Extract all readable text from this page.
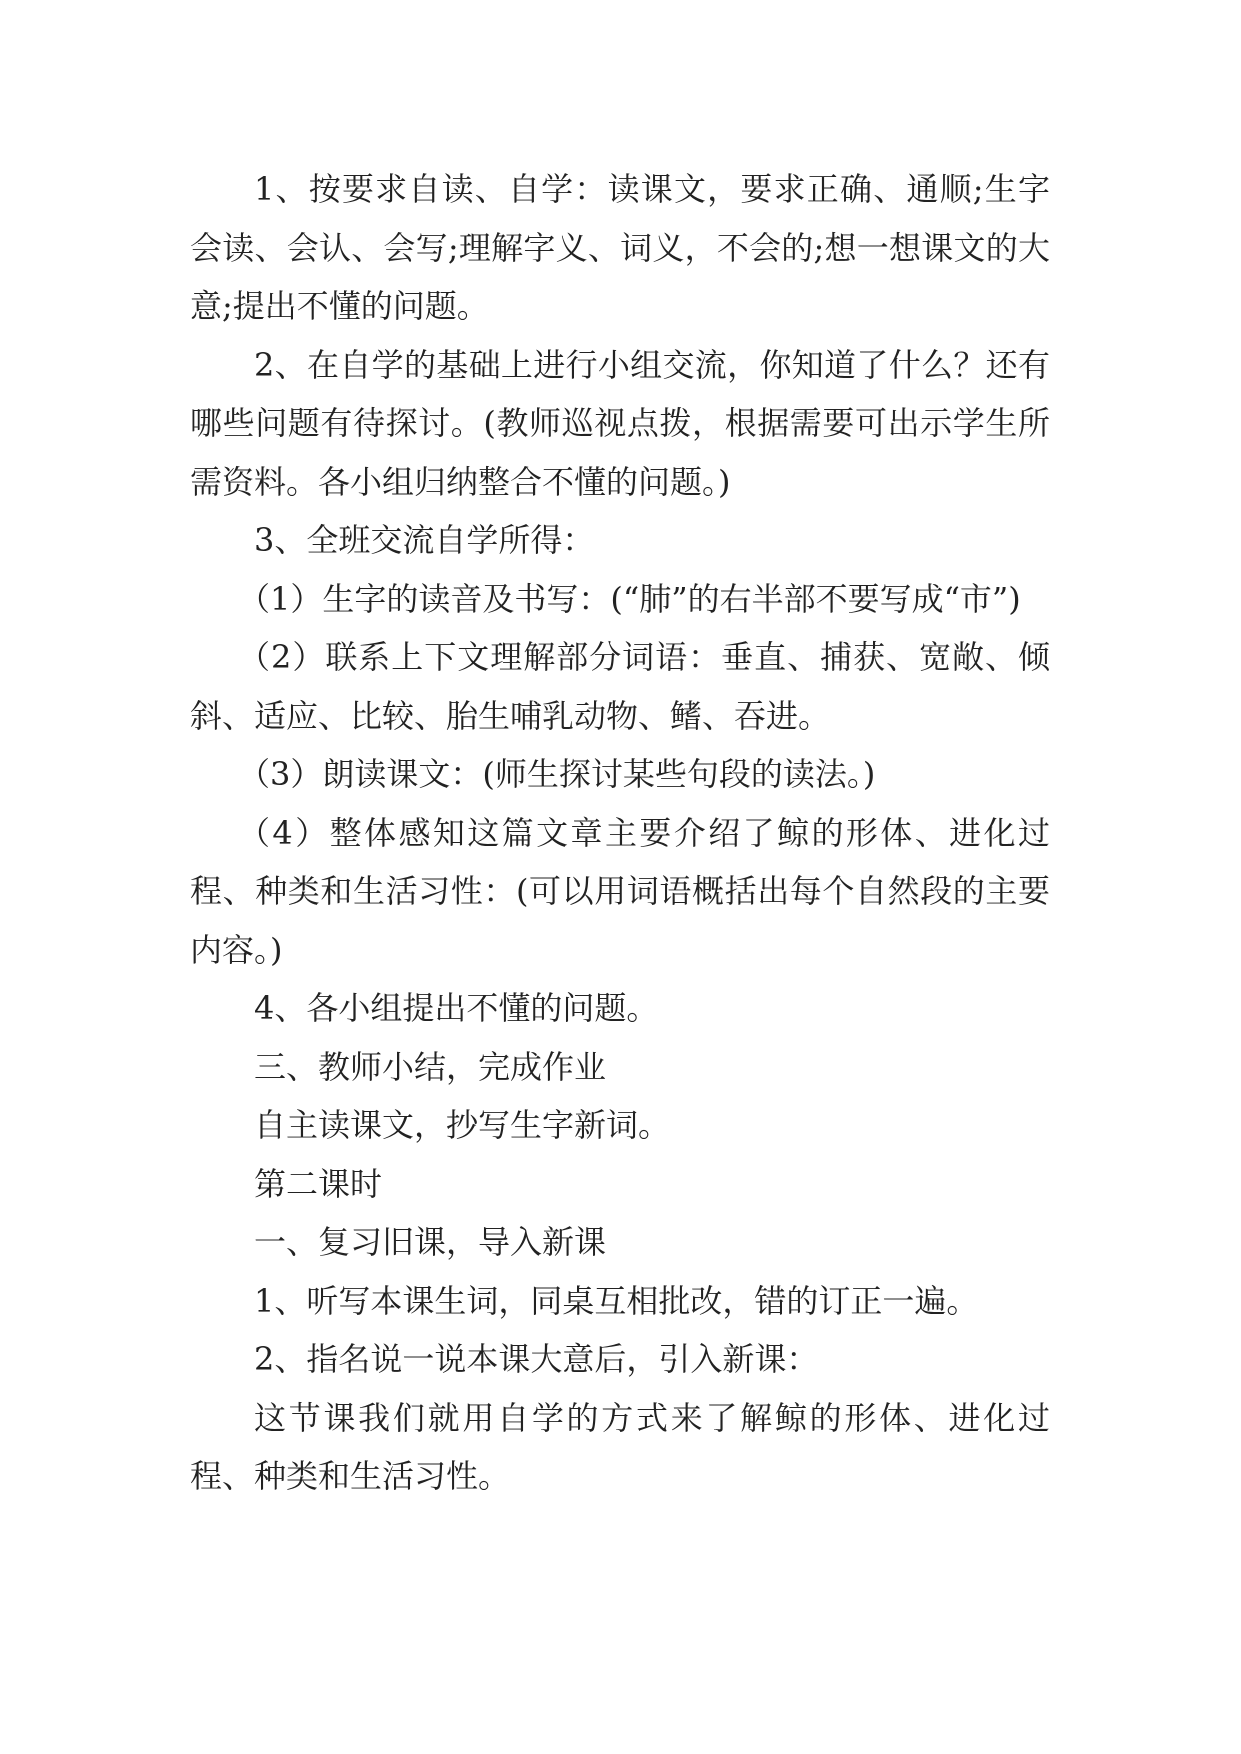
1、按要求自读、自学：读课文，要求正确、通顺;生字会读、会认、会写;理解字义、词义，不会的;想一想课文的大意;提出不懂的问题。

2、在自学的基础上进行小组交流，你知道了什么？还有哪些问题有待探讨。(教师巡视点拨，根据需要可出示学生所需资料。各小组归纳整合不懂的问题。)

3、全班交流自学所得：

（1）生字的读音及书写：(“肺”的右半部不要写成“市”)

（2）联系上下文理解部分词语：垂直、捕获、宽敞、倾斜、适应、比较、胎生哺乳动物、鳍、吞进。

（3）朗读课文：(师生探讨某些句段的读法。)

（4）整体感知这篇文章主要介绍了鲸的形体、进化过程、种类和生活习性：(可以用词语概括出每个自然段的主要内容。)

4、各小组提出不懂的问题。

三、教师小结，完成作业

自主读课文，抄写生字新词。

第二课时

一、复习旧课，导入新课

1、听写本课生词，同桌互相批改，错的订正一遍。

2、指名说一说本课大意后，引入新课：

这节课我们就用自学的方式来了解鲸的形体、进化过程、种类和生活习性。
